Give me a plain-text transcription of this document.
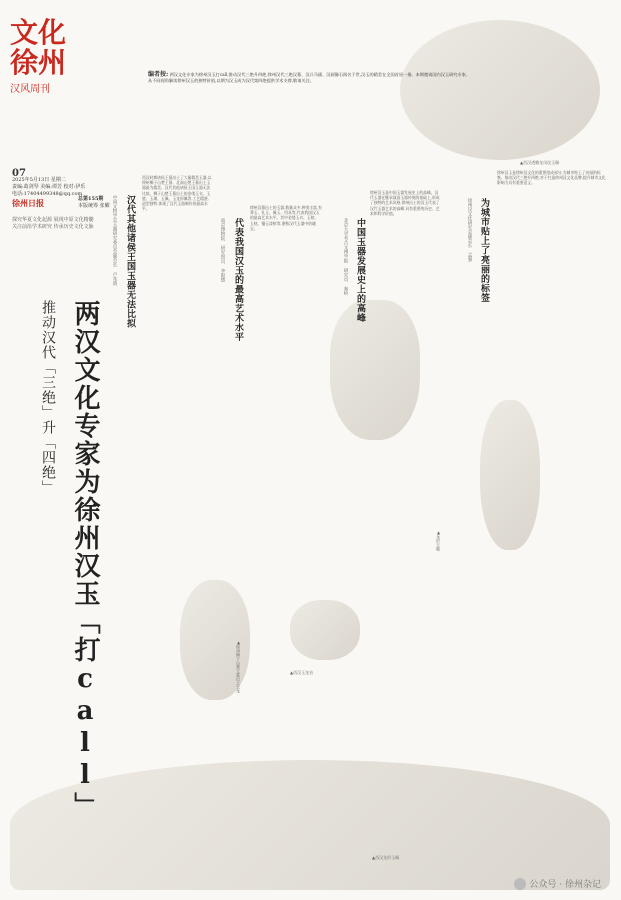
文化徐州
汉风周刊
07
2025年5月13日 星期二
责编:葛剑琴 美编:谭芳 校对:伊乐
电话:17404499348@qq.com
总第155期
本版统筹 张曜
徐州日报
探究华夏文化起源 展现中原文化精髓
关注前沿学术研究 传承历史文化文脉
编者按: 两汉文化专家为徐州汉玉打call,推动汉代三绝升四绝,徐州汉代三绝汉墓、汉兵马俑、汉画像石闻名于世,汉玉的精美在全国首屈一指。本期邀请国内汉玉研究专家,从不同视角解读徐州汉玉的独特价值,以期为汉玉成为汉代第四绝提供学术支撑,敬请关注。
两汉文化专家为徐州汉玉「打call」
推动汉代「三绝」升「四绝」
汉代其他诸侯王国玉器无法比拟
中国文物学会玉器研究委员会副会长 卢兆荫
西汉时期诸侯王墓出土了大量精美玉器,以徐州狮子山楚王墓、北洞山楚王墓出土玉器最为精美。汉代其他诸侯王国玉器无法比拟。狮子山楚王墓出土的金缕玉衣、玉璧、玉璜、玉佩、玉龙形佩等,工艺精湛,造型独特,体现了汉代玉器制作的最高水平。
代表我国汉玉的最高艺术水平
南京博物院 研究馆员 李银德
徐州汉墓出土的玉器,数量众多,种类丰富,有葬玉、礼玉、佩玉、用具等,代表我国汉玉的最高艺术水平。其中金缕玉衣、玉棺、玉枕、镶玉漆棺等,堪称汉代玉器中的瑰宝。	中国玉器发展史上的高峰
北京大学考古文博学院 研究员 秦岭
徐州汉玉是中国玉器发展史上的高峰。汉代玉器在继承战国玉器传统的基础上,形成了独特的艺术风格,徐州出土的汉玉代表了汉代玉器艺术的高峰,具有重要的历史、艺术和科学价值。	为城市贴上了亮丽的标签
徐州汉文化研究会副会长 孟强
徐州汉玉是徐州汉文化的重要组成部分,为城市贴上了亮丽的标签。推动汉代三绝升四绝,对于打造徐州汉文化品牌,提升城市文化影响力具有重要意义。
▲西汉透雕龙凤纹玉佩
▲徐州狮子山楚王墓出土玉龙
▲龙形玉佩
▲西汉玉龙首
▲西汉龙形玉佩
公众号 · 徐州杂记
